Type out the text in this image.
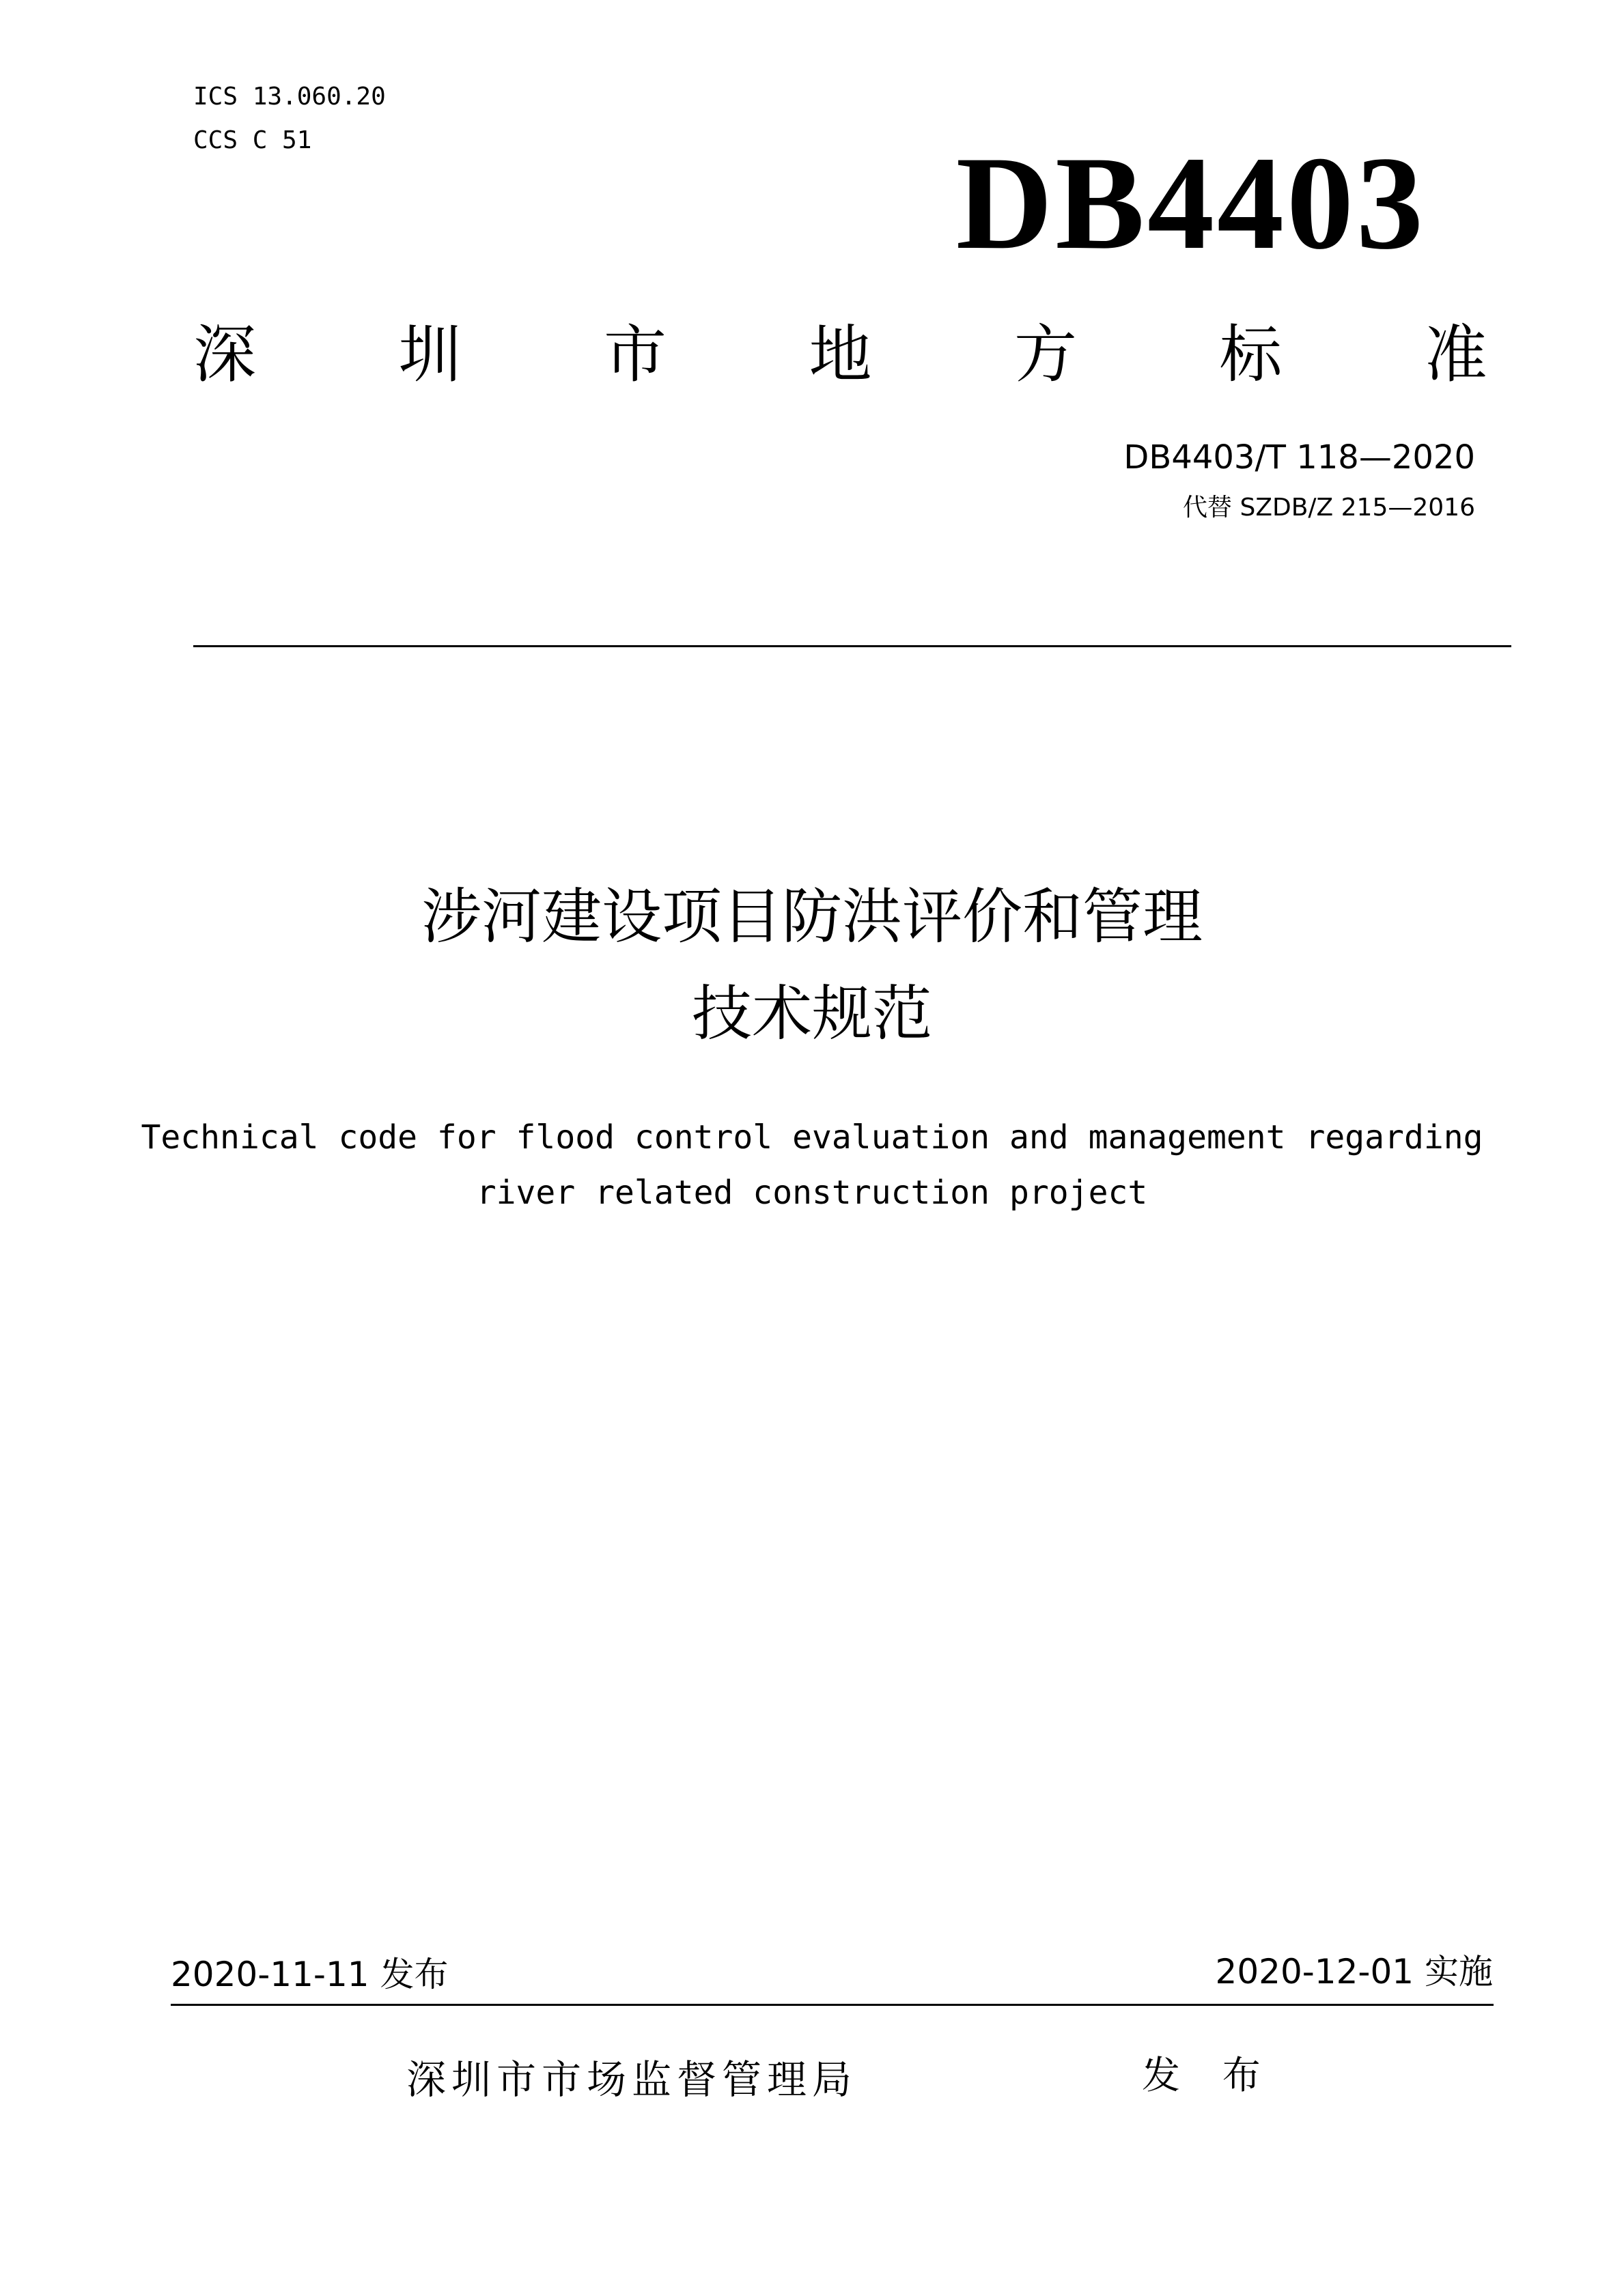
ICS 13.060.20
CCS C 51	DB4403
深 圳 市 地 方 标 准
DB4403/T 118—2020
代替 SZDB/Z 215—2016
涉河建设项目防洪评价和管理
技术规范
Technical code for flood control evaluation and management regarding
river related construction project
2020-11-11 发布	2020-12-01 实施
深圳市市场监督管理局	发 布
